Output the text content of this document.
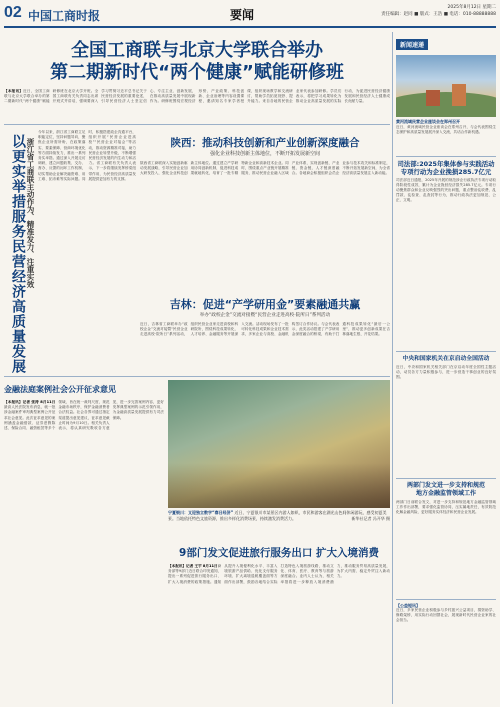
02 中国工商时报	要闻
2025年8月12日 星期二
责任编辑：赵同 ■ 版式：王浩 ■ 电话：010-88888888
全国工商联与北京大学联合举办
第二期新时代“两个健康”赋能研修班
【本报讯】近日，全国工商联与北京大学联合举办的第二期新时代“两个健康”赋能研修班在北京大学开班。全国工商联有关负责同志出席开班式并讲话，强调要深入学习贯彻习近平总书记关于民营经济发展的重要论述，引导民营经济人士坚定信心、专注主业、创新发展，在推动高质量发展中展现新作为。研修班围绕宏观经济形势、产业政策、科技创新、企业治理等内容设置课程，邀请知名专家学者授课，组织现场教学和交流研讨，帮助学员拓宽视野、提升能力。来自各地的民营企业家代表参加研修。学员们表示，将把学习成果转化为推动企业高质量发展的实际行动，为促进民营经济健康发展和民营经济人士健康成长贡献力量。
以更实举措服务民营经济高质量发展 浙江省工商联主动作为、精准发力、注重实效
今年以来，浙江省工商联立足职能定位，坚持问题导向，聚焦企业所需所盼，在政策落实、要素保障、营商环境优化等方面持续发力，推出一系列务实举措。通过深入开展走访调研，建立问题收集、交办、督办、反馈的闭环工作机制，切实帮助企业解决融资难、用工难、拓市难等实际问题。同时，积极搭建政企沟通平台，组织开展“民营企业进高校”“民营企业对接会”等活动，推动资源精准对接，助力民营企业转型升级，不断增强民营经济发展的内生动力和活力。省工商联有关负责人表示，下一步将继续发挥桥梁纽带作用，为民营经济高质量发展提供更加有力的支撑。
陕西：推动科技创新和产业创新深度融合
强化企业科技创新主体地位，不断开拓发展新空间
陕西省工商联深入实施创新驱动发展战略，引导民营企业加大研发投入，强化企业科技创新主体地位。通过建立产学研用协同创新机制，促进科技成果就地转化，培育了一批专精特新企业和高新技术企业。同时，围绕重点产业链开展精准服务，推动民营企业融入区域产业体系，实现创新链、产业链、资金链、人才链深度融合。各地商会积极组织会员企业参与技术攻关和标准制定，不断开拓发展新空间，为全省经济高质量发展注入新动能。
吉林：促进“产学研用金”要素融通共赢
举办“政校企金”交流对接暨“民营企业走进高校·院所日”系列活动
近日，吉林省工商联举办“政校企金”交流对接暨“民营企业走进高校·院所日”系列活动，组织民营企业家走进高校和科研院所，围绕科技成果转化、人才培养、金融服务等开展深入交流。活动现场发布了一批可转化科技成果和企业技术需求，多家企业与高校、金融机构签订合作协议。与会代表表示，此类活动搭建了产学研用金深度融合的桥梁，有助于打通科技成果转化“最后一公里”，推动更多创新成果在吉林落地生根、开花结果。
金融法庭案例社会公开征求意见
【本报讯】记者 张涛 8月11日最高人民法院发布消息，就一批涉金融案件审判典型案例公开征求社会意见。此次征求意见的案例涵盖金融借款、证券虚假陈述、保险合同、融资租赁等多个领域，旨在统一裁判尺度，规范金融市场秩序，保护金融消费者合法权益。社会各界可通过指定渠道提出意见建议，征求意见截止时间为9月10日。相关负责人表示，将认真研究吸收各方意见，进一步完善案例内容，更好发挥典型案例的示范引领作用，为金融高质量发展提供有力司法保障。
宁夏银川：又迎独立数字“春日经济” 近日，宁夏银川市某景区内游人如织，市民和游客在湖光山色间休闲游玩，感受初夏美景。当地依托特色文旅资源，推出多样化消费场景，持续激发消费活力。	新华社记者 冯开华 摄
9部门发文促进旅行服务出口 扩大入境消费
【本报讯】记者 王宇 8月11日商务部等9部门近日联合印发通知，提出一系列促进旅行服务出口、扩大入境消费的政策措施。通知从提升入境便利化水平、丰富入境旅游产品供给、优化支付服务环境、扩大离境退税覆盖面等方面作出部署，鼓励各地结合实际打造特色入境旅游线路，推动文化、体育、医疗、教育等与旅游深度融合。业内人士认为，相关举措将进一步释放入境消费潜力，推动服务贸易高质量发展，为扩大内需、稳定外贸注入新动力。
新闻速递
黄河流域民营企业座谈会在郑州召开
近日，黄河流域民营企业座谈会在郑州召开，与会代表围绕生态保护和高质量发展展开深入交流，共话合作新机遇。
司法部:2025年集体参与实践活动
专项行动为企业挽损285.7亿元
司法部近日通报，2025年开展的规范涉企行政执法专项行动取得阶段性成效，累计为企业挽回经济损失285.7亿元。专项行动聚焦群众和企业反映强烈的突出问题，重点整治乱收费、乱罚款、乱检查、乱查封等行为，推动行政执法更加规范、公正、文明。
中央和国家机关在京启动全国活动
近日，中央和国家机关相关部门在京启动年度全国性主题活动，动员各方力量积极参与，进一步营造干事创业的良好氛围。
两部门发文进一步支持和规范
地方金融监管领域工作
两部门日前联合发文，对进一步支持和规范地方金融监管领域工作作出部署，要求强化监管协同，压实属地责任，有效防范化解金融风险，更好服务实体经济和民营企业发展。
【公益短讯】
近日，多家民营企业积极参与乡村振兴公益项目，捐资助学、修路架桥，用实际行动回馈社会，展现新时代民营企业家的社会担当。
